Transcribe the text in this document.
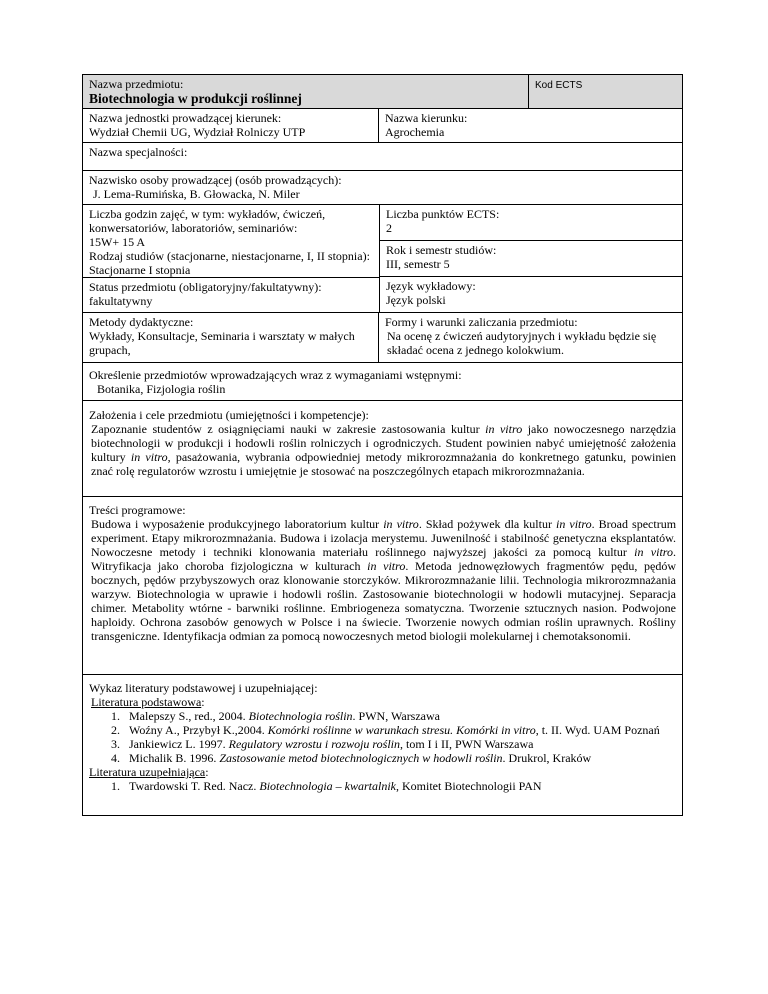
Nazwa przedmiotu:
Biotechnologia w produkcji roślinnej
Kod ECTS
Nazwa jednostki prowadzącej kierunek:
Wydział Chemii UG, Wydział Rolniczy UTP
Nazwa kierunku:
Agrochemia
Nazwa specjalności:
Nazwisko osoby prowadzącej (osób prowadzących):
J. Lema-Rumińska, B. Głowacka, N. Miler
Liczba godzin zajęć, w tym: wykładów, ćwiczeń, konwersatoriów, laboratoriów, seminariów:
15W+ 15 A
Rodzaj studiów (stacjonarne, niestacjonarne, I, II stopnia):
Stacjonarne I stopnia
Status przedmiotu (obligatoryjny/fakultatywny):
fakultatywny
Liczba punktów ECTS:
2
Rok i semestr studiów:
III, semestr 5
Język wykładowy:
Język polski
Metody dydaktyczne:
Wykłady, Konsultacje, Seminaria i warsztaty w małych grupach,
Formy i warunki zaliczania przedmiotu:
Na ocenę z ćwiczeń audytoryjnych i wykładu będzie się składać ocena z jednego kolokwium.
Określenie przedmiotów wprowadzających wraz z wymaganiami wstępnymi:
Botanika, Fizjologia roślin
Założenia i cele przedmiotu (umiejętności i kompetencje):
Zapoznanie studentów z osiągnięciami nauki w zakresie zastosowania kultur in vitro jako nowoczesnego narzędzia biotechnologii w produkcji i hodowli roślin rolniczych i ogrodniczych. Student powinien nabyć umiejętność założenia kultury in vitro, pasażowania, wybrania odpowiedniej metody mikrorozmnażania do konkretnego gatunku, powinien znać rolę regulatorów wzrostu i umiejętnie je stosować na poszczególnych etapach mikrorozmnażania.
Treści programowe:
Budowa i wyposażenie produkcyjnego laboratorium kultur in vitro. Skład pożywek dla kultur in vitro. Broad spectrum experiment. Etapy mikrorozmnażania. Budowa i izolacja merystemu. Juwenilność i stabilność genetyczna eksplantatów. Nowoczesne metody i techniki klonowania materiału roślinnego najwyższej jakości za pomocą kultur in vitro. Witryfikacja jako choroba fizjologiczna w kulturach in vitro. Metoda jednowęzłowych fragmentów pędu, pędów bocznych, pędów przybyszowych oraz klonowanie storczyków. Mikrorozmnażanie lilii. Technologia mikrorozmnażania warzyw. Biotechnologia w uprawie i hodowli roślin. Zastosowanie biotechnologii w hodowli mutacyjnej. Separacja chimer. Metabolity wtórne - barwniki roślinne. Embriogeneza somatyczna. Tworzenie sztucznych nasion. Podwojone haploidy. Ochrona zasobów genowych w Polsce i na świecie. Tworzenie nowych odmian roślin uprawnych. Rośliny transgeniczne. Identyfikacja odmian za pomocą nowoczesnych metod biologii molekularnej i chemotaksonomii.
Wykaz literatury podstawowej i uzupełniającej:
Literatura podstawowa:
1. Malepszy S., red., 2004. Biotechnologia roślin. PWN, Warszawa
2. Woźny A., Przybył K.,2004. Komórki roślinne w warunkach stresu. Komórki in vitro, t. II. Wyd. UAM Poznań
3. Jankiewicz L. 1997. Regulatory wzrostu i rozwoju roślin, tom I i II, PWN Warszawa
4. Michalik B. 1996. Zastosowanie metod biotechnologicznych w hodowli roślin. Drukrol, Kraków
Literatura uzupełniająca:
1. Twardowski T. Red. Nacz. Biotechnologia – kwartalnik, Komitet Biotechnologii PAN
